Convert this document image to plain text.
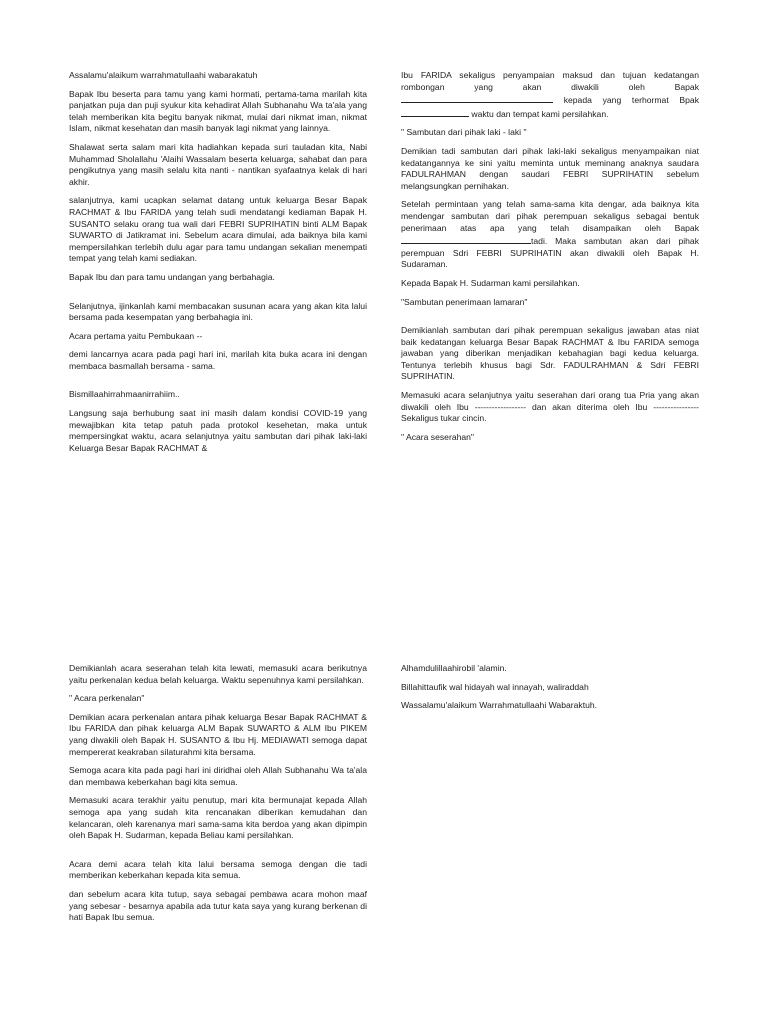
Assalamu'alaikum warrahmatullaahi wabarakatuh

Bapak Ibu beserta para tamu yang kami hormati, pertama-tama marilah kita panjatkan puja dan puji syukur kita kehadirat Allah Subhanahu Wa ta'ala yang telah memberikan kita begitu banyak nikmat, mulai dari nikmat iman, nikmat Islam, nikmat kesehatan dan masih banyak lagi nikmat yang lainnya.

Shalawat serta salam mari kita hadiahkan kepada suri tauladan kita, Nabi Muhammad Sholallahu 'Alaihi Wassalam beserta keluarga, sahabat dan para pengikutnya yang masih selalu kita nanti - nantikan syafaatnya kelak di hari akhir.

salanjutnya, kami ucapkan selamat datang untuk keluarga Besar Bapak RACHMAT & Ibu FARIDA yang telah sudi mendatangi kediaman Bapak H. SUSANTO selaku orang tua wali dari FEBRI SUPRIHATIN binti ALM Bapak SUWARTO di Jatikramat ini. Sebelum acara dimulai, ada baiknya bila kami mempersilahkan terlebih dulu agar para tamu undangan sekalian menempati tempat yang telah kami sediakan.

Bapak Ibu dan para tamu undangan yang berbahagia.

Selanjutnya, ijinkanlah kami membacakan susunan acara yang akan kita lalui bersama pada kesempatan yang berbahagia ini.

Acara pertama yaitu Pembukaan --

demi lancarnya acara pada pagi hari ini, marilah kita buka acara ini dengan membaca basmallah bersama - sama.

Bismillaahirrahmaanirrahiim..

Langsung saja berhubung saat ini masih dalam kondisi COVID-19 yang mewajibkan kita tetap patuh pada protokol kesehetan, maka untuk mempersingkat waktu, acara selanjutnya yaitu sambutan dari pihak laki-laki Keluarga Besar Bapak RACHMAT &

Ibu FARIDA sekaligus penyampaian maksud dan tujuan kedatangan rombongan yang akan diwakili oleh Bapak  kepada yang terhormat Bpak  waktu dan tempat kami persilahkan.

" Sambutan dari pihak laki - laki "

Demikian tadi sambutan dari pihak laki-laki sekaligus menyampaikan niat kedatangannya ke sini yaitu meminta untuk meminang anaknya saudara FADULRAHMAN dengan saudari FEBRI SUPRIHATIN sebelum melangsungkan pernihakan.

Setelah permintaan yang telah sama-sama kita dengar, ada baiknya kita mendengar sambutan dari pihak perempuan sekaligus sebagai bentuk penerimaan atas apa yang telah disampaikan oleh Bapaktadi. Maka sambutan akan dari pihak perempuan Sdri FEBRI SUPRIHATIN akan diwakili oleh Bapak H. Sudaraman.

Kepada Bapak H. Sudarman kami persilahkan.

"Sambutan penerimaan lamaran"

Demikianlah sambutan dari pihak perempuan sekaligus jawaban atas niat baik kedatangan keluarga Besar Bapak RACHMAT & Ibu FARIDA semoga jawaban yang diberikan menjadikan kebahagian bagi kedua keluarga. Tentunya terlebih khusus bagi Sdr. FADULRAHMAN & Sdri FEBRI SUPRIHATIN.

Memasuki acara selanjutnya yaitu seserahan dari orang tua Pria yang akan diwakili oleh Ibu ------------------ dan akan diterima oleh Ibu ---------------- Sekaligus tukar cincin.

" Acara seserahan"

Demikianlah acara seserahan telah kita lewati, memasuki acara berikutnya yaitu perkenalan kedua belah keluarga. Waktu sepenuhnya kami persilahkan.

" Acara perkenalan"

Demikian acara perkenalan antara pihak keluarga Besar Bapak RACHMAT & Ibu FARIDA dan pihak keluarga ALM Bapak SUWARTO & ALM Ibu PIKEM yang diwakili oleh Bapak H. SUSANTO & Ibu Hj. MEDIAWATI semoga dapat mempererat keakraban silaturahmi kita bersama.

Semoga acara kita pada pagi hari ini diridhai oleh Allah Subhanahu Wa ta'ala dan membawa keberkahan bagi kita semua.

Memasuki acara terakhir yaitu penutup, mari kita bermunajat kepada Allah semoga apa yang sudah kita rencanakan diberikan kemudahan dan kelancaran, oleh karenanya mari sama-sama kita berdoa yang akan dipimpin oleh Bapak H. Sudarman, kepada Beliau kami persilahkan.

Acara demi acara telah kita lalui bersama semoga dengan die tadi memberikan keberkahan kepada kita semua.

dan sebelum acara kita tutup, saya sebagai pembawa acara mohon maaf yang sebesar - besarnya apabila ada tutur kata saya yang kurang berkenan di hati Bapak Ibu semua.

Alhamdulillaahirobil 'alamin.

Billahittaufik wal hidayah wal innayah, waliraddah

Wassalamu'alaikum Warrahmatullaahi Wabaraktuh.
